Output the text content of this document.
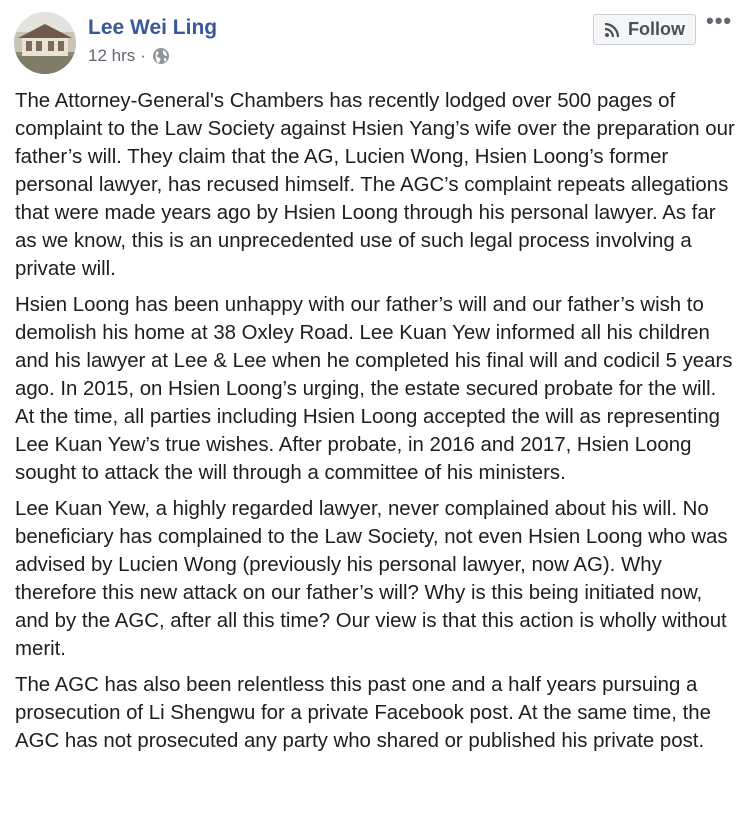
Lee Wei Ling
12 hrs ·
Follow •••

The Attorney-General's Chambers has recently lodged over 500 pages of complaint to the Law Society against Hsien Yang’s wife over the preparation our father’s will. They claim that the AG, Lucien Wong, Hsien Loong’s former personal lawyer, has recused himself. The AGC’s complaint repeats allegations that were made years ago by Hsien Loong through his personal lawyer. As far as we know, this is an unprecedented use of such legal process involving a private will.

Hsien Loong has been unhappy with our father’s will and our father’s wish to demolish his home at 38 Oxley Road. Lee Kuan Yew informed all his children and his lawyer at Lee & Lee when he completed his final will and codicil 5 years ago. In 2015, on Hsien Loong’s urging, the estate secured probate for the will. At the time, all parties including Hsien Loong accepted the will as representing Lee Kuan Yew’s true wishes. After probate, in 2016 and 2017, Hsien Loong sought to attack the will through a committee of his ministers.

Lee Kuan Yew, a highly regarded lawyer, never complained about his will. No beneficiary has complained to the Law Society, not even Hsien Loong who was advised by Lucien Wong (previously his personal lawyer, now AG). Why therefore this new attack on our father’s will? Why is this being initiated now, and by the AGC, after all this time? Our view is that this action is wholly without merit.

The AGC has also been relentless this past one and a half years pursuing a prosecution of Li Shengwu for a private Facebook post. At the same time, the AGC has not prosecuted any party who shared or published his private post.
